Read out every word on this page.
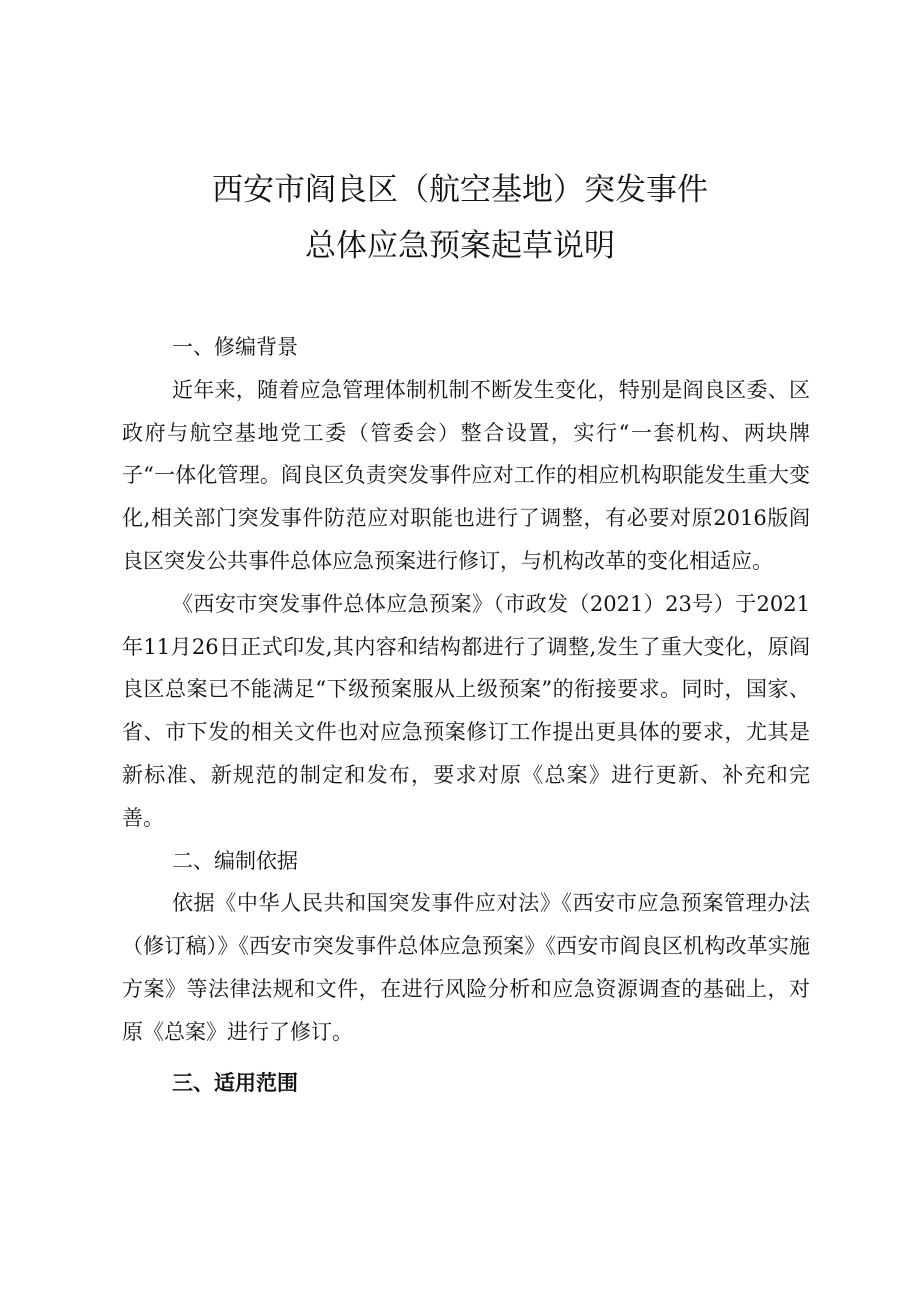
西安市阎良区（航空基地）突发事件
总体应急预案起草说明

一、修编背景

近年来，随着应急管理体制机制不断发生变化，特别是阎良区委、区政府与航空基地党工委（管委会）整合设置，实行“一套机构、两块牌子“一体化管理。阎良区负责突发事件应对工作的相应机构职能发生重大变化,相关部门突发事件防范应对职能也进行了调整，有必要对原2016版阎良区突发公共事件总体应急预案进行修订，与机构改革的变化相适应。

《西安市突发事件总体应急预案》（市政发（2021）23号）于2021年11月26日正式印发,其内容和结构都进行了调整,发生了重大变化，原阎良区总案已不能满足“下级预案服从上级预案”的衔接要求。同时，国家、省、市下发的相关文件也对应急预案修订工作提出更具体的要求，尤其是新标准、新规范的制定和发布，要求对原《总案》进行更新、补充和完善。

二、编制依据

依据《中华人民共和国突发事件应对法》《西安市应急预案管理办法（修订稿）》《西安市突发事件总体应急预案》《西安市阎良区机构改革实施方案》等法律法规和文件，在进行风险分析和应急资源调查的基础上，对原《总案》进行了修订。

三、适用范围
